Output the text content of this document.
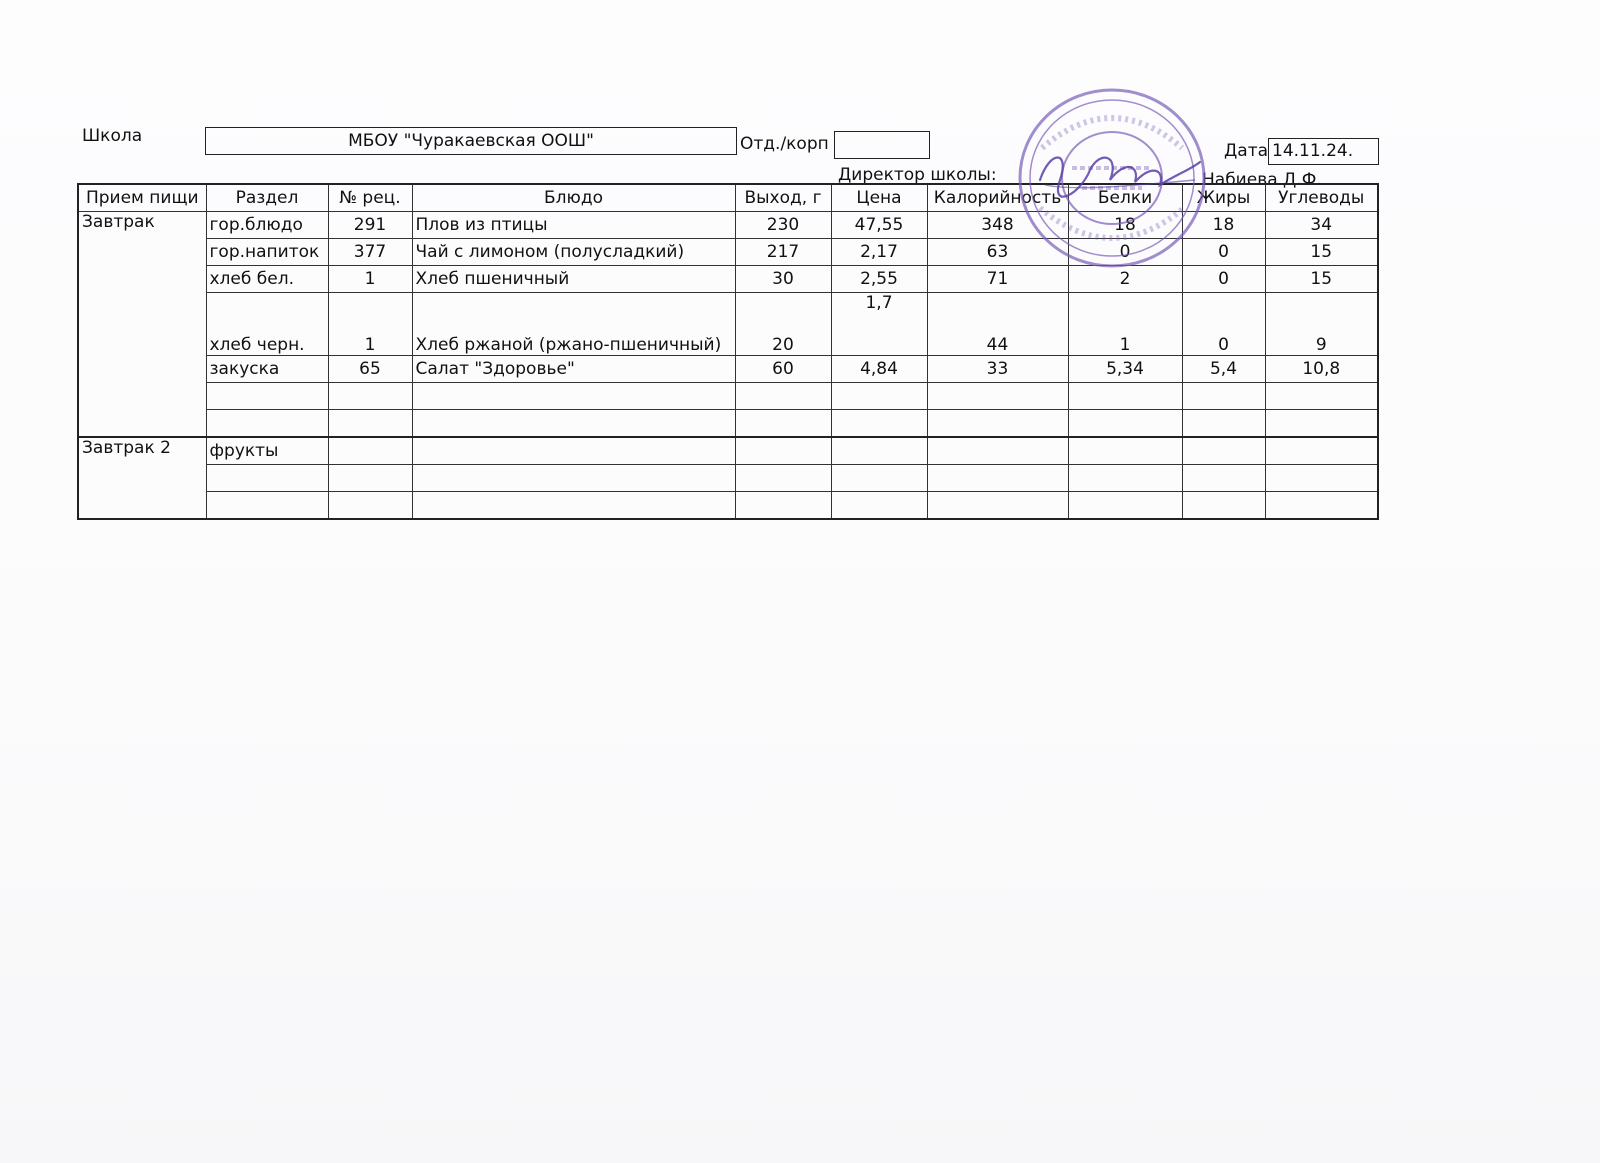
Школа	МБОУ "Чуракаевская ООШ"	Отд./корп	Дата 14.11.24.
Директор школы:	Набиева Д.Ф.
Прием пищи	Раздел	№ рец.	Блюдо	Выход, г	Цена	Калорийность	Белки	Жиры	Углеводы
Завтрак	гор.блюдо	291	Плов из птицы	230	47,55	348	18	18	34
	гор.напиток	377	Чай с лимоном (полусладкий)	217	2,17	63	0	0	15
	хлеб бел.	1	Хлеб пшеничный	30	2,55	71	2	0	15
	хлеб черн.	1	Хлеб ржаной (ржано-пшеничный)	20	1,7	44	1	0	9
	закуска	65	Салат "Здоровье"	60	4,84	33	5,34	5,4	10,8

Завтрак 2	фрукты								
